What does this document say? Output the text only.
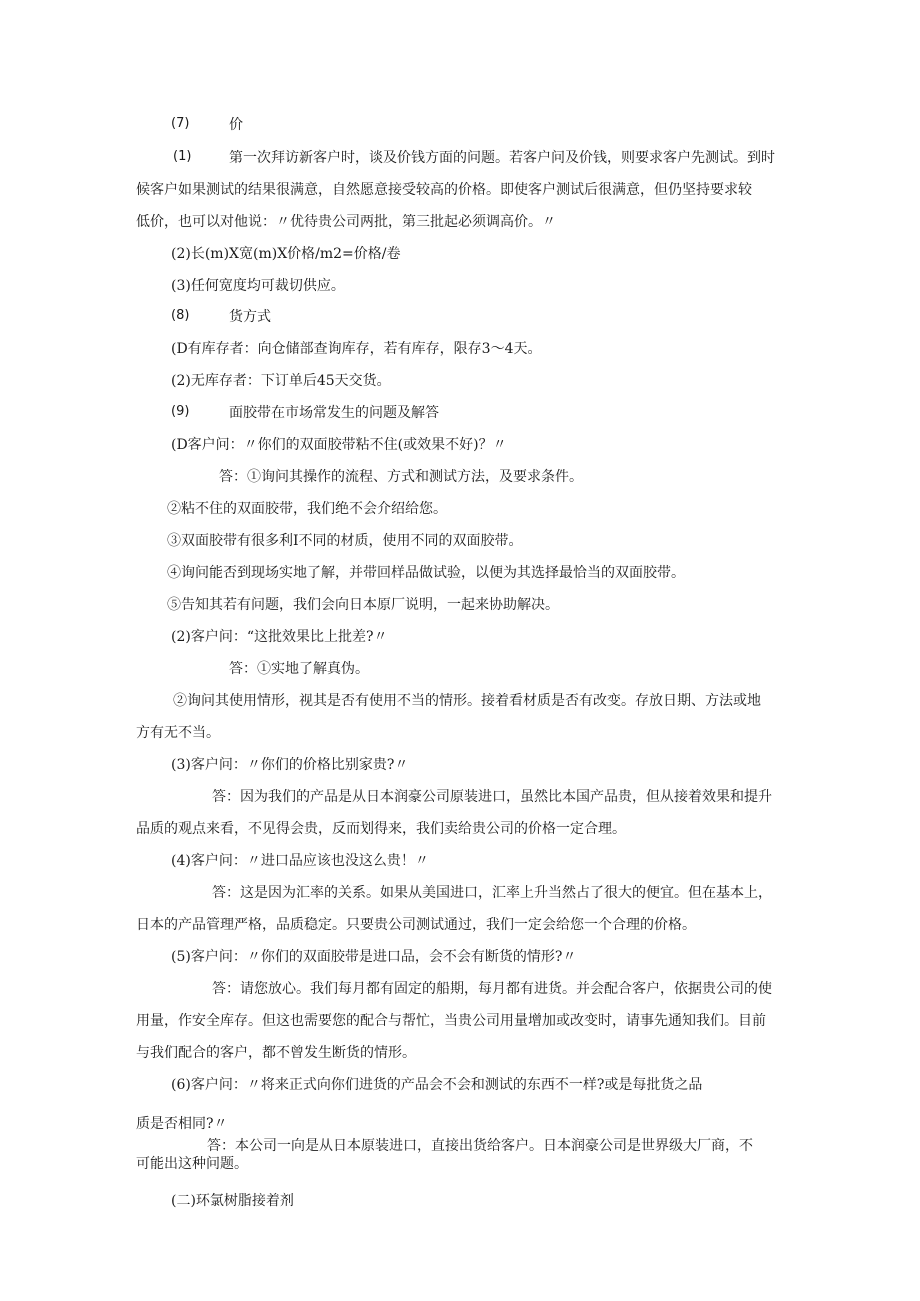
(7)	价
(1)	第一次拜访新客户时，谈及价钱方面的问题。若客户问及价钱，则要求客户先测试。到时
候客户如果测试的结果很满意，自然愿意接受较高的价格。即使客户测试后很满意，但仍坚持要求较
低价，也可以对他说：〃优待贵公司两批，第三批起必须调高价。〃
(2)长(m)X宽(m)X价格/m2=价格/卷
(3)任何宽度均可裁切供应。
(8)	货方式
(D有库存者：向仓储部查询库存，若有库存，限存3～4天。
(2)无库存者：下订单后45天交货。
(9)	面胶带在市场常发生的问题及解答
(D客户问：〃你们的双面胶带粘不住(或效果不好)？〃
答：①询问其操作的流程、方式和测试方法，及要求条件。
②粘不住的双面胶带，我们绝不会介绍给您。
③双面胶带有很多利I不同的材质，使用不同的双面胶带。
④询问能否到现场实地了解，并带回样品做试验，以便为其选择最恰当的双面胶带。
⑤告知其若有问题，我们会向日本原厂说明，一起来协助解决。
(2)客户问：“这批效果比上批差?〃
答：①实地了解真伪。
②询问其使用情形，视其是否有使用不当的情形。接着看材质是否有改变。存放日期、方法或地
方有无不当。
(3)客户问：〃你们的价格比别家贵?〃
答：因为我们的产品是从日本润豪公司原装进口，虽然比本国产品贵，但从接着效果和提升
品质的观点来看，不见得会贵，反而划得来，我们卖给贵公司的价格一定合理。
(4)客户问：〃进口品应该也没这么贵！〃
答：这是因为汇率的关系。如果从美国进口，汇率上升当然占了很大的便宜。但在基本上，
日本的产品管理严格，品质稳定。只要贵公司测试通过，我们一定会给您一个合理的价格。
(5)客户问：〃你们的双面胶带是进口品，会不会有断货的情形?〃
答：请您放心。我们每月都有固定的船期，每月都有进货。并会配合客户，依据贵公司的使
用量，作安全库存。但这也需要您的配合与帮忙，当贵公司用量增加或改变时，请事先通知我们。目前
与我们配合的客户，都不曾发生断货的情形。
(6)客户问：〃将来正式向你们进货的产品会不会和测试的东西不一样?或是每批货之品
质是否相同?〃
答：本公司一向是从日本原装进口，直接出货给客户。日本润豪公司是世界级大厂商，不
可能出这种问题。
(二)环氯树脂接着剂
